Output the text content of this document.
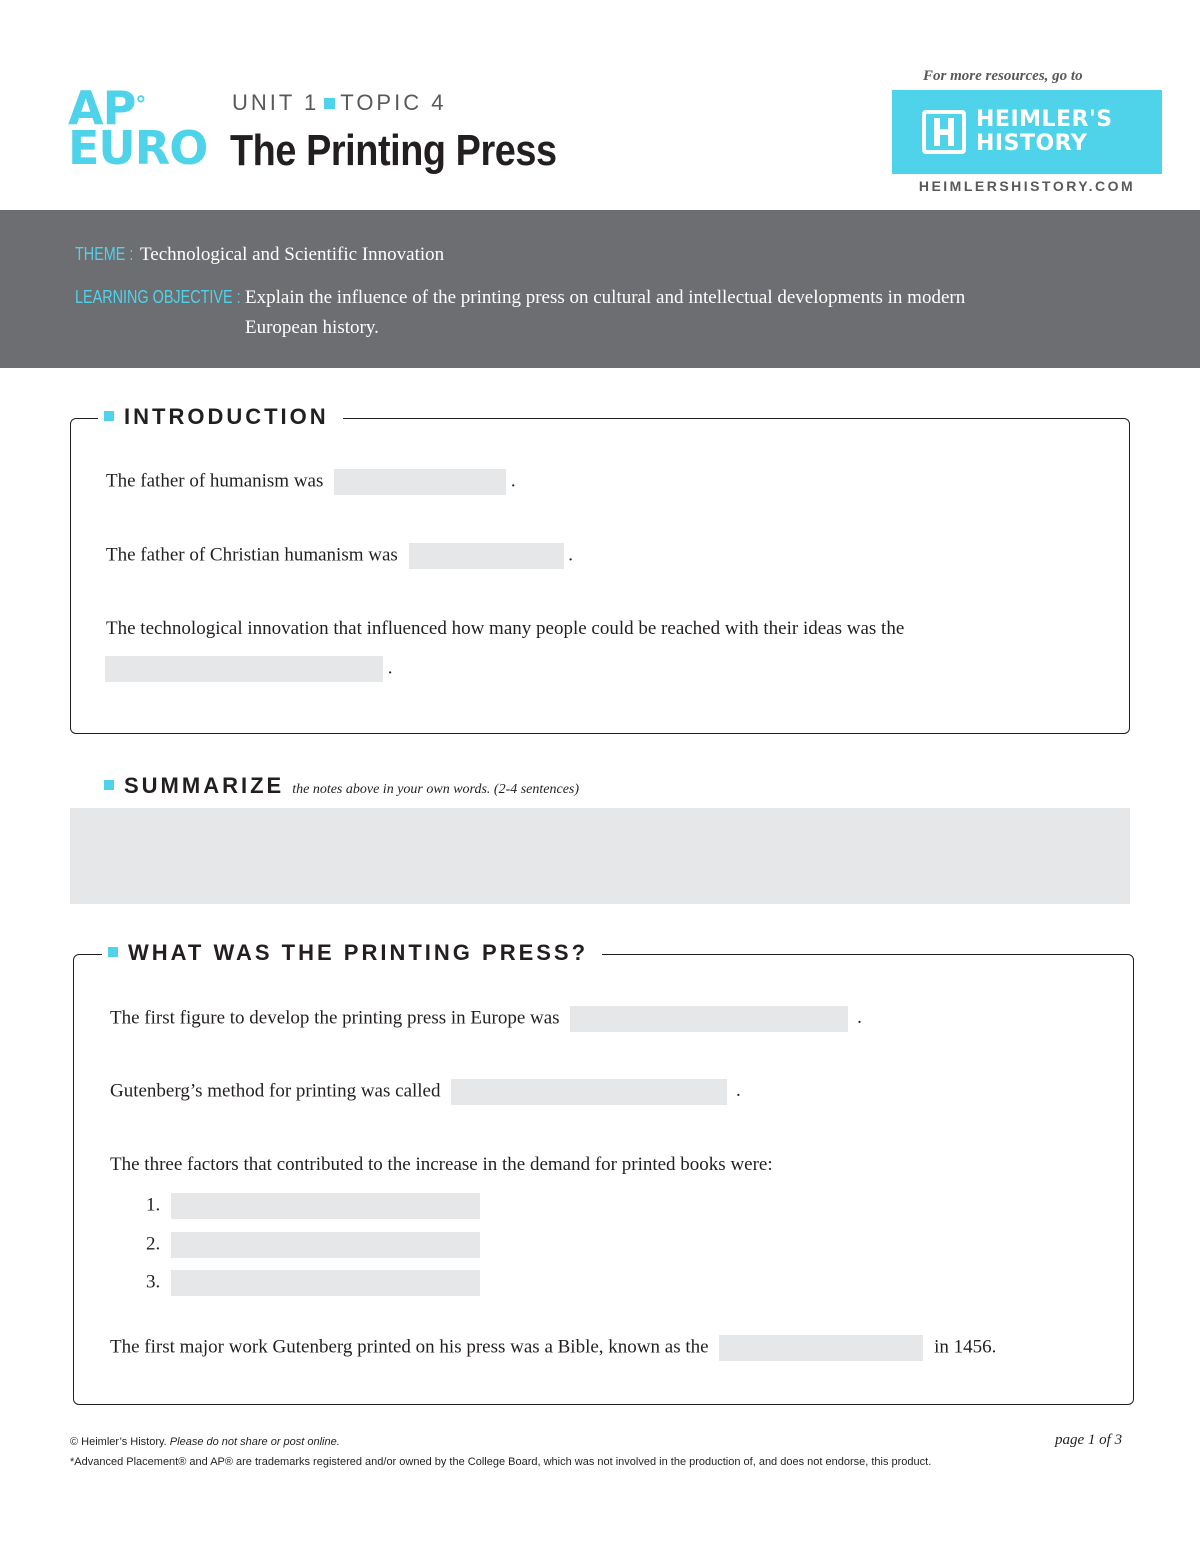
AP°
EURO
UNIT 1 TOPIC 4
The Printing Press
For more resources, go to
HEIMLER'S
HISTORY
HEIMLERSHISTORY.COM
THEME : Technological and Scientific Innovation
LEARNING OBJECTIVE : Explain the influence of the printing press on cultural and intellectual developments in modern
European history.
INTRODUCTION
The father of humanism was	.
The father of Christian humanism was	.
The technological innovation that influenced how many people could be reached with their ideas was the
.
SUMMARIZE the notes above in your own words. (2-4 sentences)
WHAT WAS THE PRINTING PRESS?
The first figure to develop the printing press in Europe was	.
Gutenberg’s method for printing was called	.
The three factors that contributed to the increase in the demand for printed books were:
1.
2.
3.
The first major work Gutenberg printed on his press was a Bible, known as the	in 1456.
© Heimler’s History. Please do not share or post online.
*Advanced Placement® and AP® are trademarks registered and/or owned by the College Board, which was not involved in the production of, and does not endorse, this product.
page 1 of 3
